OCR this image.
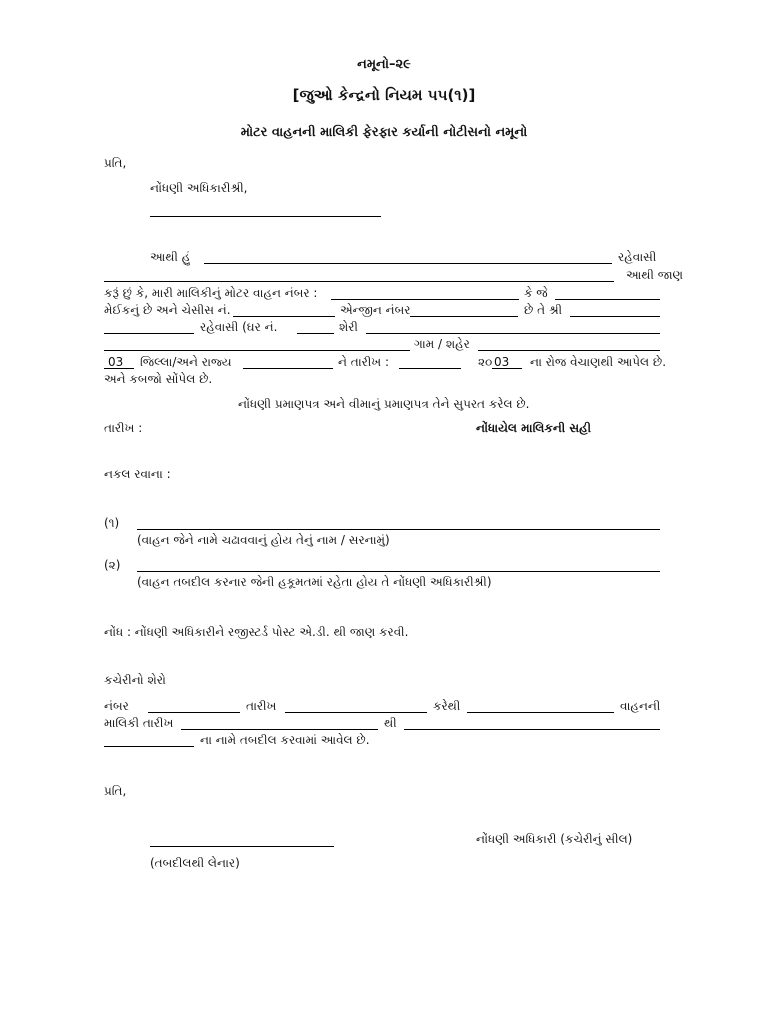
નમૂનો–૨૯
[જુઓ કેન્દ્રનો નિયમ ૫૫(૧)]
મોટર વાહનની માલિકી ફેરફાર કર્યાની નોટીસનો નમૂનો
પ્રતિ,
નોંધણી અધિકારીશ્રી,
આથી હું	રહેવાસી
આથી જાણ
કરૂં છું કે, મારી માલિકીનું મોટર વાહન નંબર :	કે જે
મેઈકનું છે અને ચેસીસ નં.	એન્જીન નંબર	છે તે શ્રી
રહેવાસી (ઘર નં.	શેરી
ગામ / શહેર
03 જિલ્લા/અને રાજ્ય	ને તારીખ :	૨૦ 03 ના રોજ વેચાણથી આપેલ છે.
અને કબજો સોંપેલ છે.
નોંધણી પ્રમાણપત્ર અને વીમાનું પ્રમાણપત્ર તેને સુપરત કરેલ છે.
તારીખ :	નોંધાયેલ માલિકની સહી
નકલ રવાના :
(૧)
(વાહન જેને નામે ચઢાવવાનું હોય તેનું નામ / સરનામું)
(૨)
(વાહન તબદીલ કરનાર જેની હકૂમતમાં રહેતા હોય તે નોંધણી અધિકારીશ્રી)
નોંધ : નોંધણી અધિકારીને રજીસ્ટર્ડ પોસ્ટ એ.ડી. થી જાણ કરવી.
કચેરીનો શેરો
નંબર	તારીખ	કરેથી	વાહનની
માલિકી તારીખ	થી
ના નામે તબદીલ કરવામાં આવેલ છે.
પ્રતિ,
નોંધણી અધિકારી (કચેરીનું સીલ)
(તબદીલથી લેનાર)
